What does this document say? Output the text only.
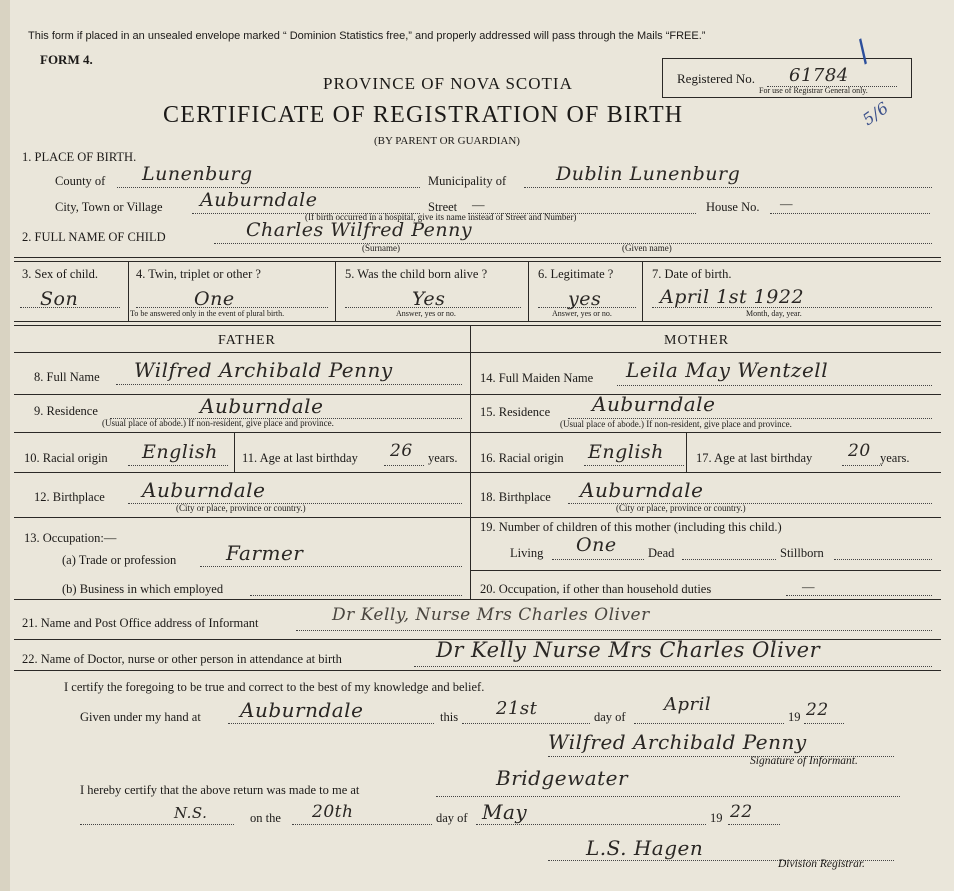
This form if placed in an unsealed envelope marked “ Dominion Statistics free,” and properly addressed will pass through the Mails “FREE.”
FORM 4.
PROVINCE OF NOVA SCOTIA
CERTIFICATE OF REGISTRATION OF BIRTH
(BY PARENT OR GUARDIAN)
Registered No. 61784
For use of Registrar General only.
/
5/6
1. PLACE OF BIRTH.
County of Lunenburg	Municipality of	Dublin Lunenburg
City, Town or Village Auburndale	Street —	House No. —
(If birth occurred in a hospital, give its name instead of Street and Number)
2. FULL NAME OF CHILD	Charles Wilfred Penny
(Surname)	(Given name)
3. Sex of child.
Son
4. Twin, triplet or other ?
One
To be answered only in the event of plural birth.
5. Was the child born alive ?
Yes
Answer, yes or no.
6. Legitimate ?
yes
Answer, yes or no.
7. Date of birth.
April 1st 1922
Month, day, year.
FATHER	MOTHER
8. Full Name Wilfred Archibald Penny
9. Residence	Auburndale
(Usual place of abode.) If non-resident, give place and province.
10. Racial origin English 11. Age at last birthday 26 years.
12. Birthplace Auburndale
(City or place, province or country.)
13. Occupation:—
(a) Trade or profession Farmer
(b) Business in which employed
14. Full Maiden Name Leila May Wentzell
15. Residence Auburndale
(Usual place of abode.) If non-resident, give place and province.
16. Racial origin English	17. Age at last birthday 20 years.
18. Birthplace Auburndale
(City or place, province or country.)
19. Number of children of this mother (including this child.)
Living One	Dead	Stillborn
20. Occupation, if other than household duties	—
21. Name and Post Office address of Informant	Dr Kelly, Nurse Mrs Charles Oliver
22. Name of Doctor, nurse or other person in attendance at birth	Dr Kelly Nurse Mrs Charles Oliver
I certify the foregoing to be true and correct to the best of my knowledge and belief.
Given under my hand at Auburndale	this 21st	day of
April
19 22
Wilfred Archibald Penny
Signature of Informant.
I hereby certify that the above return was made to me at	Bridgewater
N.S.	on the 20th	day of May	19 22
L.S. Hagen
Division Registrar.
